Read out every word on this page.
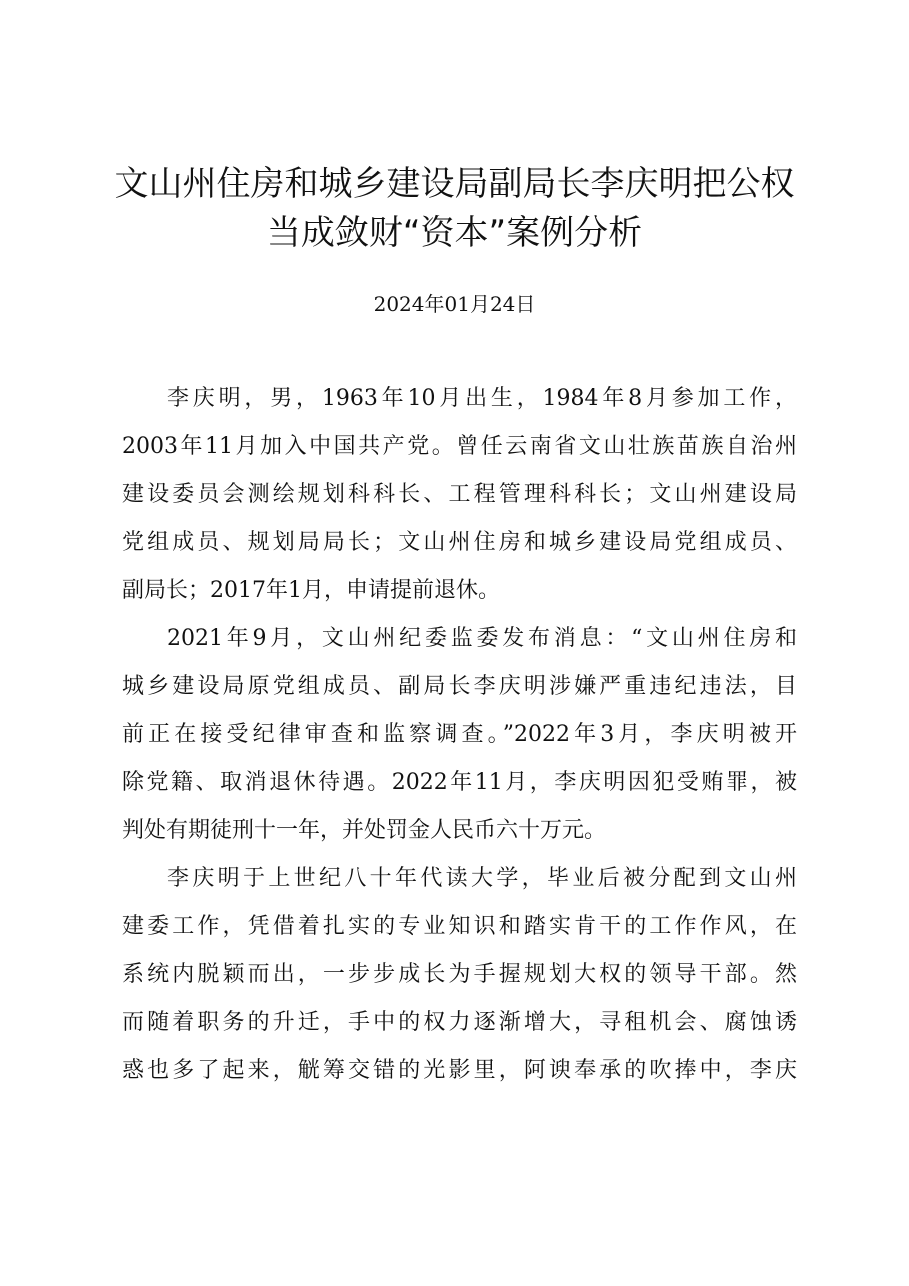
文山州住房和城乡建设局副局长李庆明把公权
当成敛财“资本”案例分析
2024年01月24日
李庆明，男，1963年10月出生，1984年8月参加工作，
2003年11月加入中国共产党。曾任云南省文山壮族苗族自治州
建设委员会测绘规划科科长、工程管理科科长；文山州建设局
党组成员、规划局局长；文山州住房和城乡建设局党组成员、
副局长；2017年1月，申请提前退休。
2021年9月，文山州纪委监委发布消息：“文山州住房和
城乡建设局原党组成员、副局长李庆明涉嫌严重违纪违法，目
前正在接受纪律审查和监察调查。”2022年3月，李庆明被开
除党籍、取消退休待遇。2022年11月，李庆明因犯受贿罪，被
判处有期徒刑十一年，并处罚金人民币六十万元。
李庆明于上世纪八十年代读大学，毕业后被分配到文山州
建委工作，凭借着扎实的专业知识和踏实肯干的工作作风，在
系统内脱颖而出，一步步成长为手握规划大权的领导干部。然
而随着职务的升迁，手中的权力逐渐增大，寻租机会、腐蚀诱
惑也多了起来，觥筹交错的光影里，阿谀奉承的吹捧中，李庆
